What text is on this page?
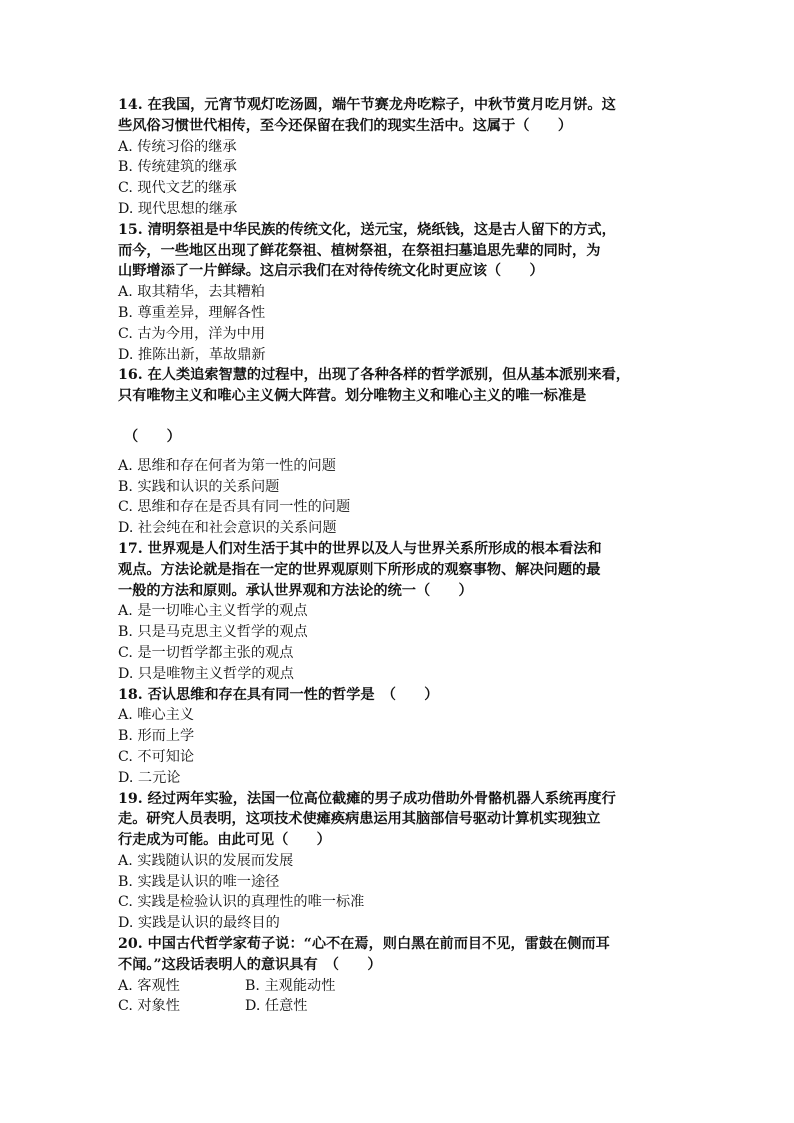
14. 在我国，元宵节观灯吃汤圆，端午节赛龙舟吃粽子，中秋节赏月吃月饼。这
些风俗习惯世代相传，至今还保留在我们的现实生活中。这属于（　　）
A. 传统习俗的继承
B. 传统建筑的继承
C. 现代文艺的继承
D. 现代思想的继承
15. 清明祭祖是中华民族的传统文化，送元宝，烧纸钱，这是古人留下的方式，
而今，一些地区出现了鲜花祭祖、植树祭祖，在祭祖扫墓追思先辈的同时，为
山野增添了一片鲜绿。这启示我们在对待传统文化时更应该（　　）
A. 取其精华，去其糟粕
B. 尊重差异，理解各性
C. 古为今用，洋为中用
D. 推陈出新，革故鼎新
16. 在人类追索智慧的过程中，出现了各种各样的哲学派别，但从基本派别来看，
只有唯物主义和唯心主义俩大阵营。划分唯物主义和唯心主义的唯一标准是
（　　）
A. 思维和存在何者为第一性的问题
B. 实践和认识的关系问题
C. 思维和存在是否具有同一性的问题
D. 社会纯在和社会意识的关系问题
17. 世界观是人们对生活于其中的世界以及人与世界关系所形成的根本看法和
观点。方法论就是指在一定的世界观原则下所形成的观察事物、解决问题的最
一般的方法和原则。承认世界观和方法论的统一（　　）
A. 是一切唯心主义哲学的观点
B. 只是马克思主义哲学的观点
C. 是一切哲学都主张的观点
D. 只是唯物主义哲学的观点
18. 否认思维和存在具有同一性的哲学是　（　　）
A. 唯心主义
B. 形而上学
C. 不可知论
D. 二元论
19. 经过两年实验，法国一位高位截瘫的男子成功借助外骨骼机器人系统再度行
走。研究人员表明，这项技术使瘫痪病患运用其脑部信号驱动计算机实现独立
行走成为可能。由此可见（　　）
A. 实践随认识的发展而发展
B. 实践是认识的唯一途径
C. 实践是检验认识的真理性的唯一标准
D. 实践是认识的最终目的
20. 中国古代哲学家荀子说：“心不在焉，则白黑在前而目不见，雷鼓在侧而耳
不闻。”这段话表明人的意识具有　（　　）
A. 客观性	B. 主观能动性
C. 对象性	D. 任意性
